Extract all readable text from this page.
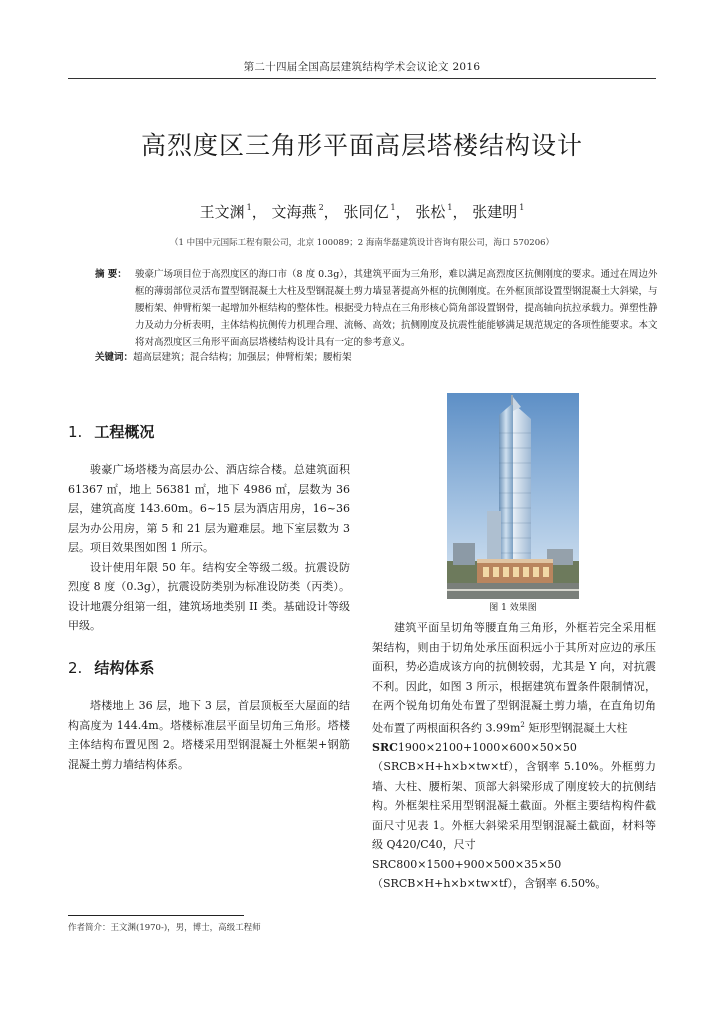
第二十四届全国高层建筑结构学术会议论文 2016
高烈度区三角形平面高层塔楼结构设计
王文渊 $^1$， 文海燕 $^2$， 张同亿 $^1$， 张松 $^1$， 张建明 $^1$
（1 中国中元国际工程有限公司，北京 100089；2 海南华磊建筑设计咨询有限公司，海口 570206）
摘 要： 骏豪广场项目位于高烈度区的海口市（8 度 0.3g），其建筑平面为三角形，难以满足高烈度区抗侧刚度的要求。通过在周边外框的薄弱部位灵活布置型钢混凝土大柱及型钢混凝土剪力墙显著提高外框的抗侧刚度。在外框顶部设置型钢混凝土大斜梁，与腰桁架、伸臂桁架一起增加外框结构的整体性。根据受力特点在三角形核心筒角部设置钢骨，提高轴向抗拉承载力。弹塑性静力及动力分析表明，主体结构抗侧传力机理合理、流畅、高效；抗侧刚度及抗震性能能够满足规范规定的各项性能要求。本文将对高烈度区三角形平面高层塔楼结构设计具有一定的参考意义。
关键词：超高层建筑；混合结构；加强层；伸臂桁架；腰桁架
1. 工程概况

骏豪广场塔楼为高层办公、酒店综合楼。总建筑面积 61367 ㎡，地上 56381 ㎡，地下 4986 ㎡，层数为 36 层，建筑高度 143.60m。6~15 层为酒店用房，16~36 层为办公用房，第 5 和 21 层为避难层。地下室层数为 3 层。项目效果图如图 1 所示。

设计使用年限 50 年。结构安全等级二级。抗震设防烈度 8 度（0.3g），抗震设防类别为标准设防类（丙类）。设计地震分组第一组，建筑场地类别 II 类。基础设计等级甲级。

2. 结构体系

塔楼地上 36 层，地下 3 层，首层顶板至大屋面的结构高度为 144.4m。塔楼标准层平面呈切角三角形。塔楼主体结构布置见图 2。塔楼采用型钢混凝土外框架+钢筋混凝土剪力墙结构体系。

图 1 效果图

建筑平面呈切角等腰直角三角形，外框若完全采用框架结构，则由于切角处承压面积远小于其所对应边的承压面积，势必造成该方向的抗侧较弱，尤其是 Y 向，对抗震不利。因此，如图 3 所示，根据建筑布置条件限制情况，在两个锐角切角处布置了型钢混凝土剪力墙，在直角切角处布置了两根面积各约 $3.99m^2$ 矩形型钢混凝土大柱

SRC1900×2100+1000×600×50×50

（SRCB×H+h×b×tw×tf），含钢率 5.10%。外框剪力墙、大柱、腰桁架、顶部大斜梁形成了刚度较大的抗侧结构。外框架柱采用型钢混凝土截面。外框主要结构构件截面尺寸见表 1。外框大斜梁采用型钢混凝土截面，材料等级 Q420/C40，尺寸

SRC800×1500+900×500×35×50

（SRCB×H+h×b×tw×tf），含钢率 6.50%。

作者简介：王文渊(1970-)，男，博士，高级工程师
